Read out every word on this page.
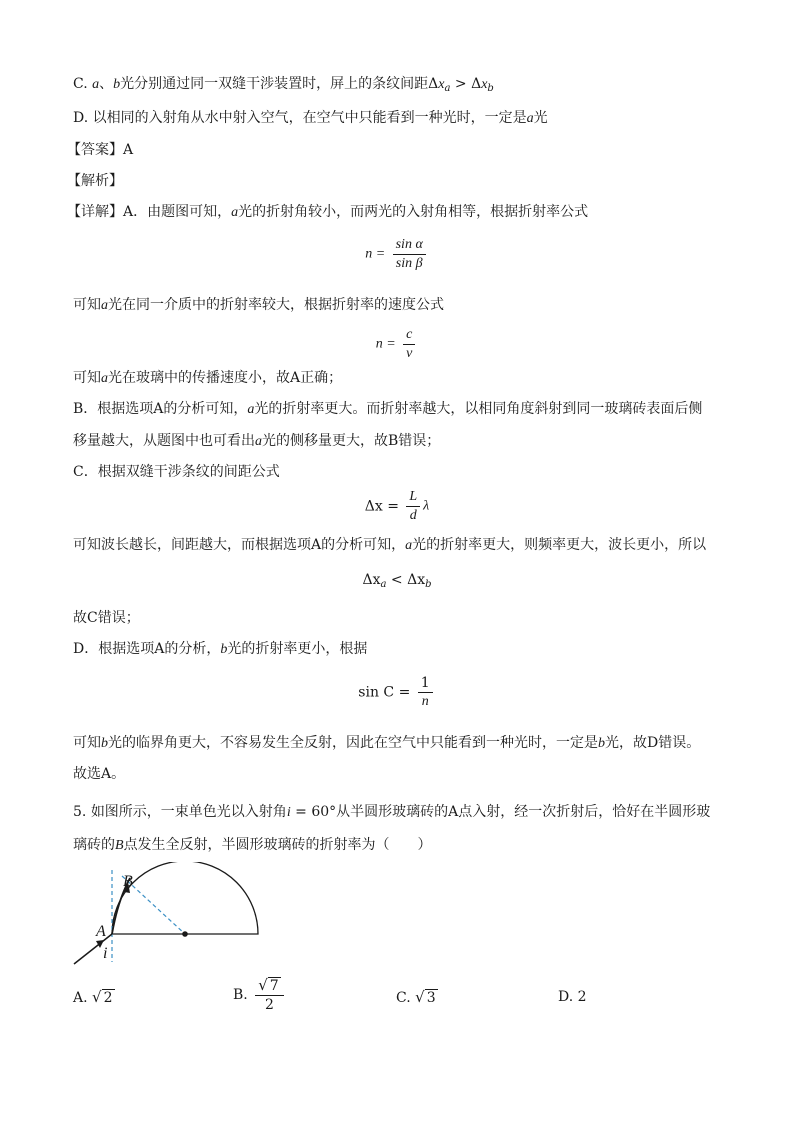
C. a、b光分别通过同一双缝干涉装置时，屏上的条纹间距$\Delta x_a > \Delta x_b$
D. 以相同的入射角从水中射入空气，在空气中只能看到一种光时，一定是a光
【答案】A
【解析】
【详解】A．由题图可知，a光的折射角较小，而两光的入射角相等，根据折射率公式
$n = \frac{\text{sin α}}{\text{sin β}}$
可知a光在同一介质中的折射率较大，根据折射率的速度公式
$n = \frac{c}{v}$
可知a光在玻璃中的传播速度小，故A正确；
B．根据选项A的分析可知，a光的折射率更大。而折射率越大，以相同角度斜射到同一玻璃砖表面后侧
移量越大，从题图中也可看出a光的侧移量更大，故B错误；
C．根据双缝干涉条纹的间距公式
$\Delta x = \frac{L}{d}$ λ
可知波长越长，间距越大，而根据选项A的分析可知，a光的折射率更大，则频率更大，波长更小，所以
$\Delta x_a < \Delta x_b$
故C错误；
D．根据选项A的分析，b光的折射率更小，根据
$\sin C = \frac{1}{n}$
可知b光的临界角更大，不容易发生全反射，因此在空气中只能看到一种光时，一定是b光，故D错误。
故选A。
5. 如图所示，一束单色光以入射角i = 60°从半圆形玻璃砖的A点入射，经一次折射后，恰好在半圆形玻
璃砖的B点发生全反射，半圆形玻璃砖的折射率为（　　）
A
B
i
A. √ 2	B. $\frac{√ 7}{2}$	C. √ 3	D. 2
